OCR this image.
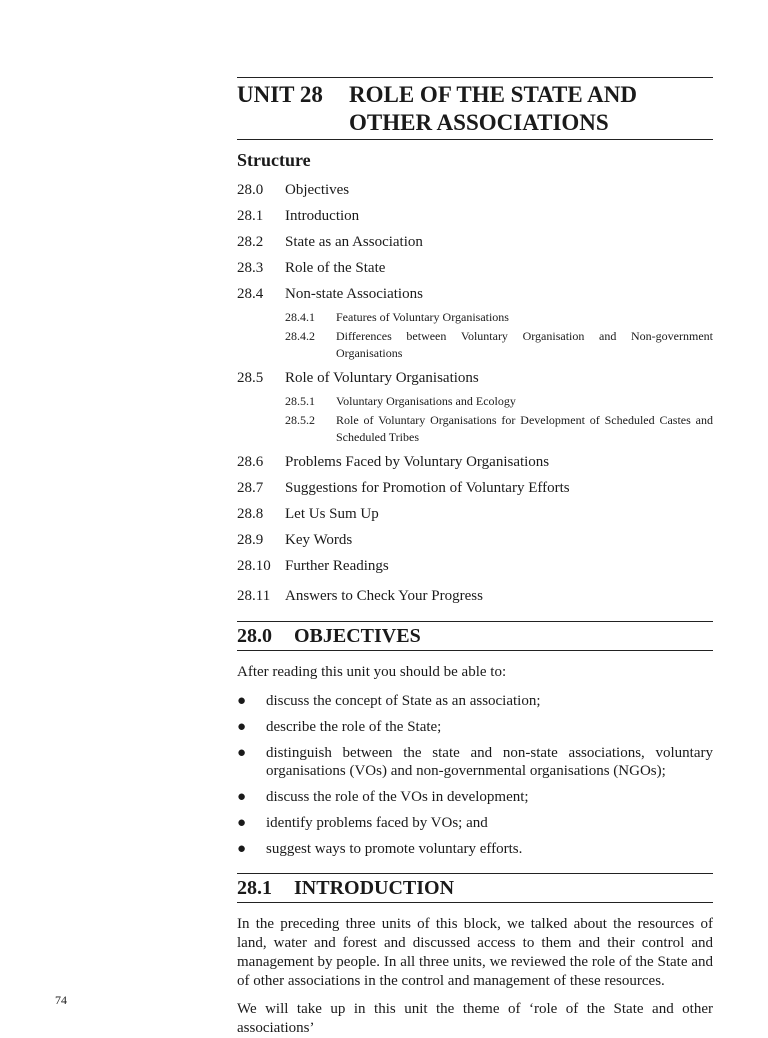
UNIT 28	ROLE OF THE STATE AND
OTHER ASSOCIATIONS
Structure
28.0	Objectives
28.1	Introduction
28.2	State as an Association
28.3	Role of the State
28.4	Non-state Associations
28.4.1	Features of Voluntary Organisations
28.4.2	Differences between Voluntary Organisation and Non-government Organisations
28.5	Role of Voluntary Organisations
28.5.1	Voluntary Organisations and Ecology
28.5.2	Role of Voluntary Organisations for Development of Scheduled Castes and Scheduled Tribes
28.6	Problems Faced by Voluntary Organisations
28.7	Suggestions for Promotion of Voluntary Efforts
28.8	Let Us Sum Up
28.9	Key Words
28.10 Further Readings
28.11 Answers to Check Your Progress
28.0	OBJECTIVES
After reading this unit you should be able to:
●	discuss the concept of State as an association;
●	describe the role of the State;
●	distinguish between the state and non-state associations, voluntary organisations (VOs) and non-governmental organisations (NGOs);
●	discuss the role of the VOs in development;
●	identify problems faced by VOs; and
●	suggest ways to promote voluntary efforts.
28.1	INTRODUCTION
In the preceding three units of this block, we talked about the resources of land, water and forest and discussed access to them and their control and management by people. In all three units, we reviewed the role of the State and of other associations in the control and management of these resources.
We will take up in this unit the theme of ‘role of the State and other associations’
74
